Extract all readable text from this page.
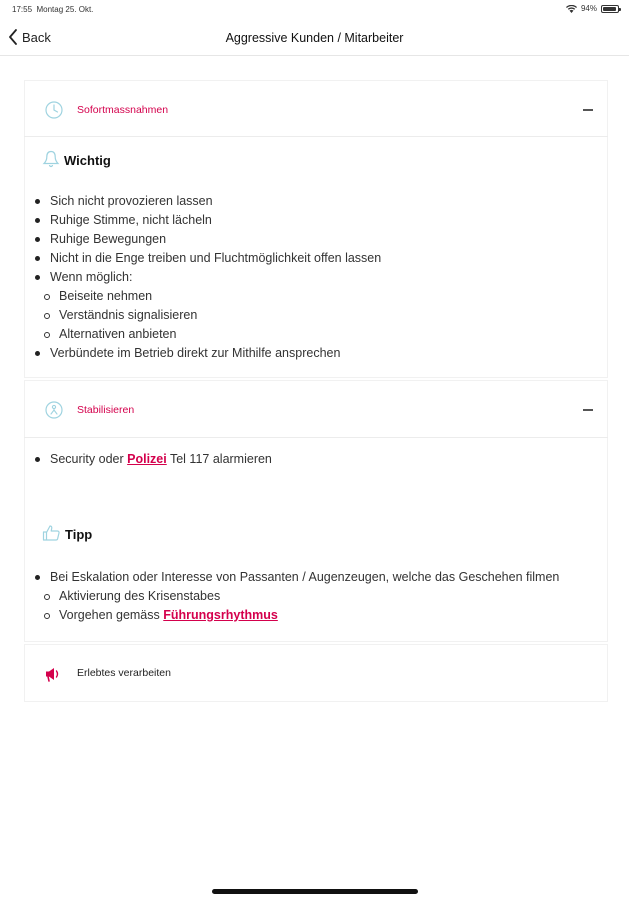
17:55 Montag 25. Okt.	94%
Back	Aggressive Kunden / Mitarbeiter
Sofortmassnahmen
Wichtig
Sich nicht provozieren lassen
Ruhige Stimme, nicht lächeln
Ruhige Bewegungen
Nicht in die Enge treiben und Fluchtmöglichkeit offen lassen
Wenn möglich:
Beiseite nehmen
Verständnis signalisieren
Alternativen anbieten
Verbündete im Betrieb direkt zur Mithilfe ansprechen
Stabilisieren
Security oder Polizei Tel 117 alarmieren
Tipp
Bei Eskalation oder Interesse von Passanten / Augenzeugen, welche das Geschehen filmen
Aktivierung des Krisenstabes
Vorgehen gemäss Führungsrhythmus
Erlebtes verarbeiten
